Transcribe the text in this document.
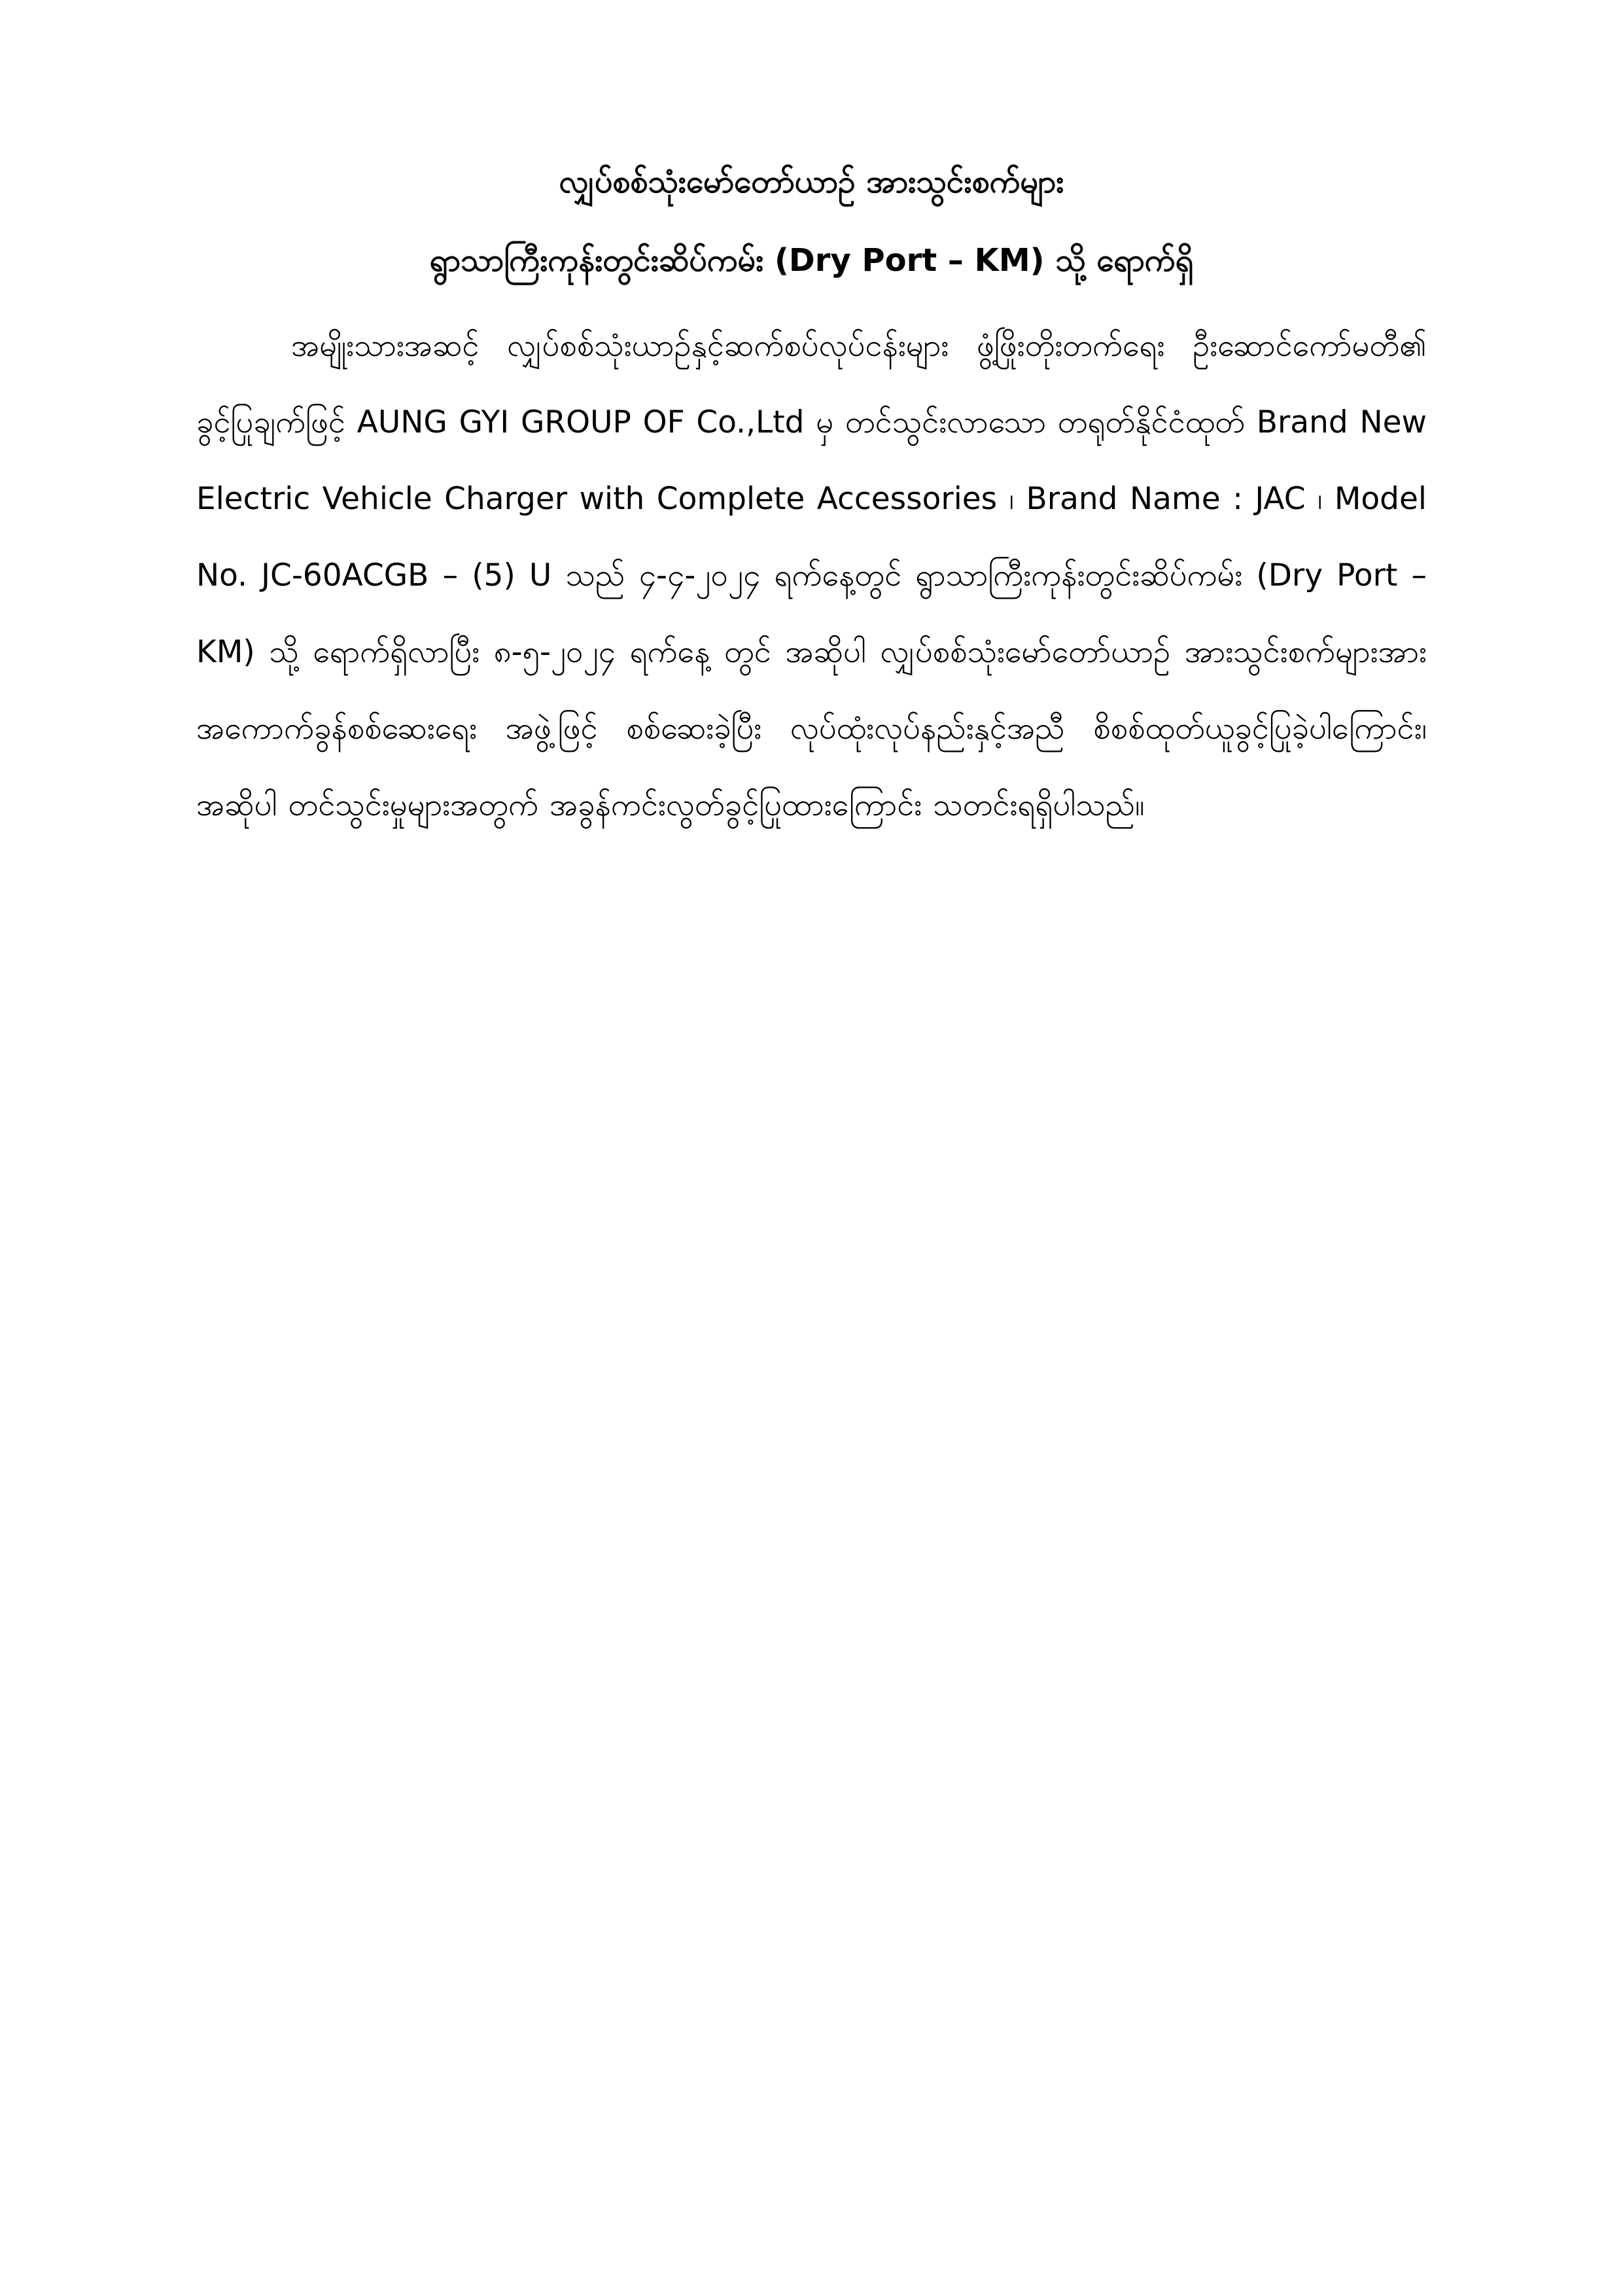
လျှပ်စစ်သုံးမော်တော်ယာဉ် အားသွင်းစက်များ

ရွာသာကြီးကုန်းတွင်းဆိပ်ကမ်း (Dry Port – KM) သို့ ရောက်ရှိ

အမျိုးသားအဆင့် လျှပ်စစ်သုံးယာဉ်နှင့်ဆက်စပ်လုပ်ငန်းများ ဖွံ့ဖြိုးတိုးတက်ရေး ဦးဆောင်ကော်မတီ၏ ခွင့်ပြုချက်ဖြင့် AUNG GYI GROUP OF Co.,Ltd မှ တင်သွင်းလာသော တရုတ်နိုင်ငံထုတ် Brand New Electric Vehicle Charger with Complete Accessories ၊ Brand Name : JAC ၊ Model No. JC-60ACGB – (5) U သည် ၄-၄-၂၀၂၄ ရက်နေ့တွင် ရွာသာကြီးကုန်းတွင်းဆိပ်ကမ်း (Dry Port – KM) သို့ ရောက်ရှိလာပြီး ၈-၅-၂၀၂၄ ရက်နေ့ တွင် အဆိုပါ လျှပ်စစ်သုံးမော်တော်ယာဉ် အားသွင်းစက်များအား အကောက်ခွန်စစ်ဆေးရေး အဖွဲ့ဖြင့် စစ်ဆေးခဲ့ပြီး လုပ်ထုံးလုပ်နည်းနှင့်အညီ စိစစ်ထုတ်ယူခွင့်ပြုခဲ့ပါကြောင်း၊ အဆိုပါ တင်သွင်းမှုများအတွက် အခွန်ကင်းလွတ်ခွင့်ပြုထားကြောင်း သတင်းရရှိပါသည်။
